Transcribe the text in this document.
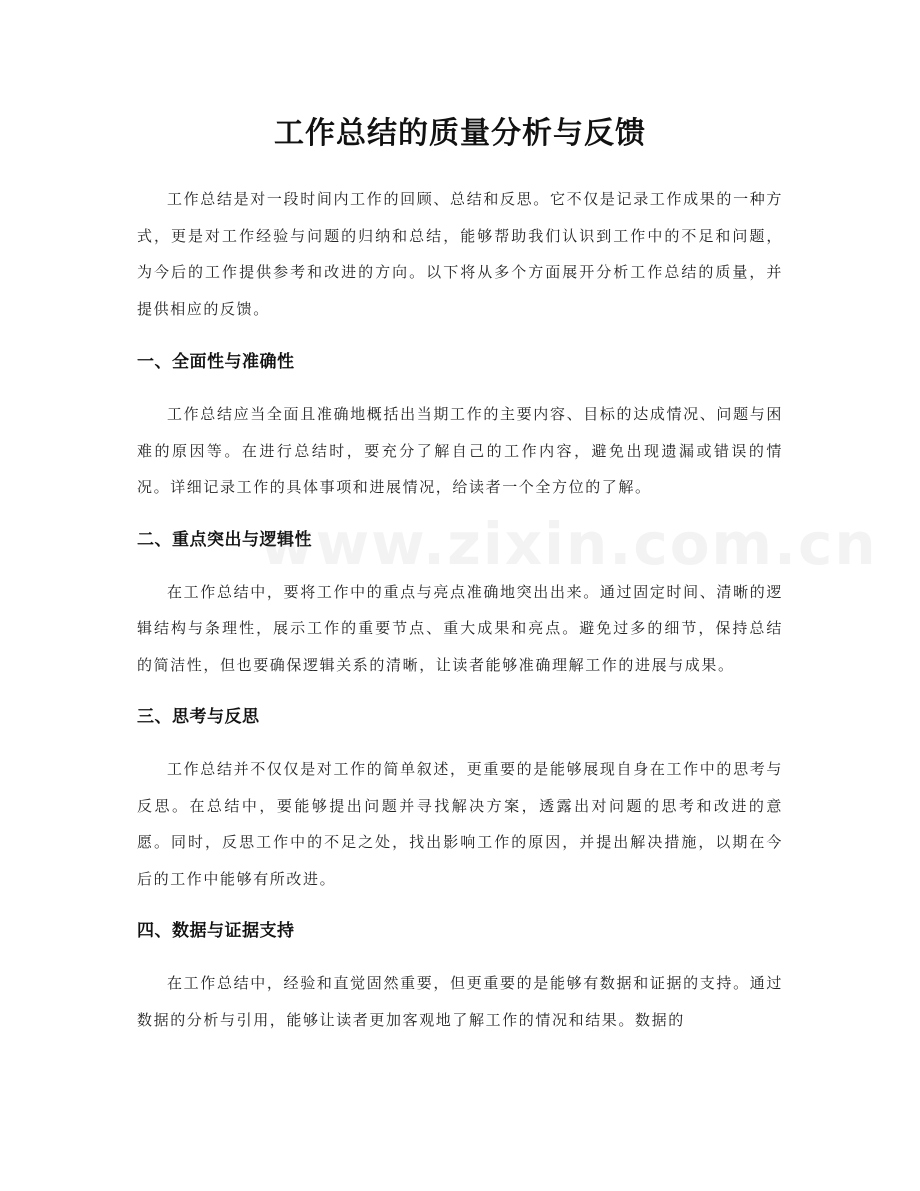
工作总结的质量分析与反馈

工作总结是对一段时间内工作的回顾、总结和反思。它不仅是记录工作成果的一种方式，更是对工作经验与问题的归纳和总结，能够帮助我们认识到工作中的不足和问题，为今后的工作提供参考和改进的方向。以下将从多个方面展开分析工作总结的质量，并提供相应的反馈。

一、全面性与准确性

工作总结应当全面且准确地概括出当期工作的主要内容、目标的达成情况、问题与困难的原因等。在进行总结时，要充分了解自己的工作内容，避免出现遗漏或错误的情况。详细记录工作的具体事项和进展情况，给读者一个全方位的了解。

二、重点突出与逻辑性

在工作总结中，要将工作中的重点与亮点准确地突出出来。通过固定时间、清晰的逻辑结构与条理性，展示工作的重要节点、重大成果和亮点。避免过多的细节，保持总结的简洁性，但也要确保逻辑关系的清晰，让读者能够准确理解工作的进展与成果。

三、思考与反思

工作总结并不仅仅是对工作的简单叙述，更重要的是能够展现自身在工作中的思考与反思。在总结中，要能够提出问题并寻找解决方案，透露出对问题的思考和改进的意愿。同时，反思工作中的不足之处，找出影响工作的原因，并提出解决措施，以期在今后的工作中能够有所改进。

四、数据与证据支持

在工作总结中，经验和直觉固然重要，但更重要的是能够有数据和证据的支持。通过数据的分析与引用，能够让读者更加客观地了解工作的情况和结果。数据的

www.zixin.com.cn
